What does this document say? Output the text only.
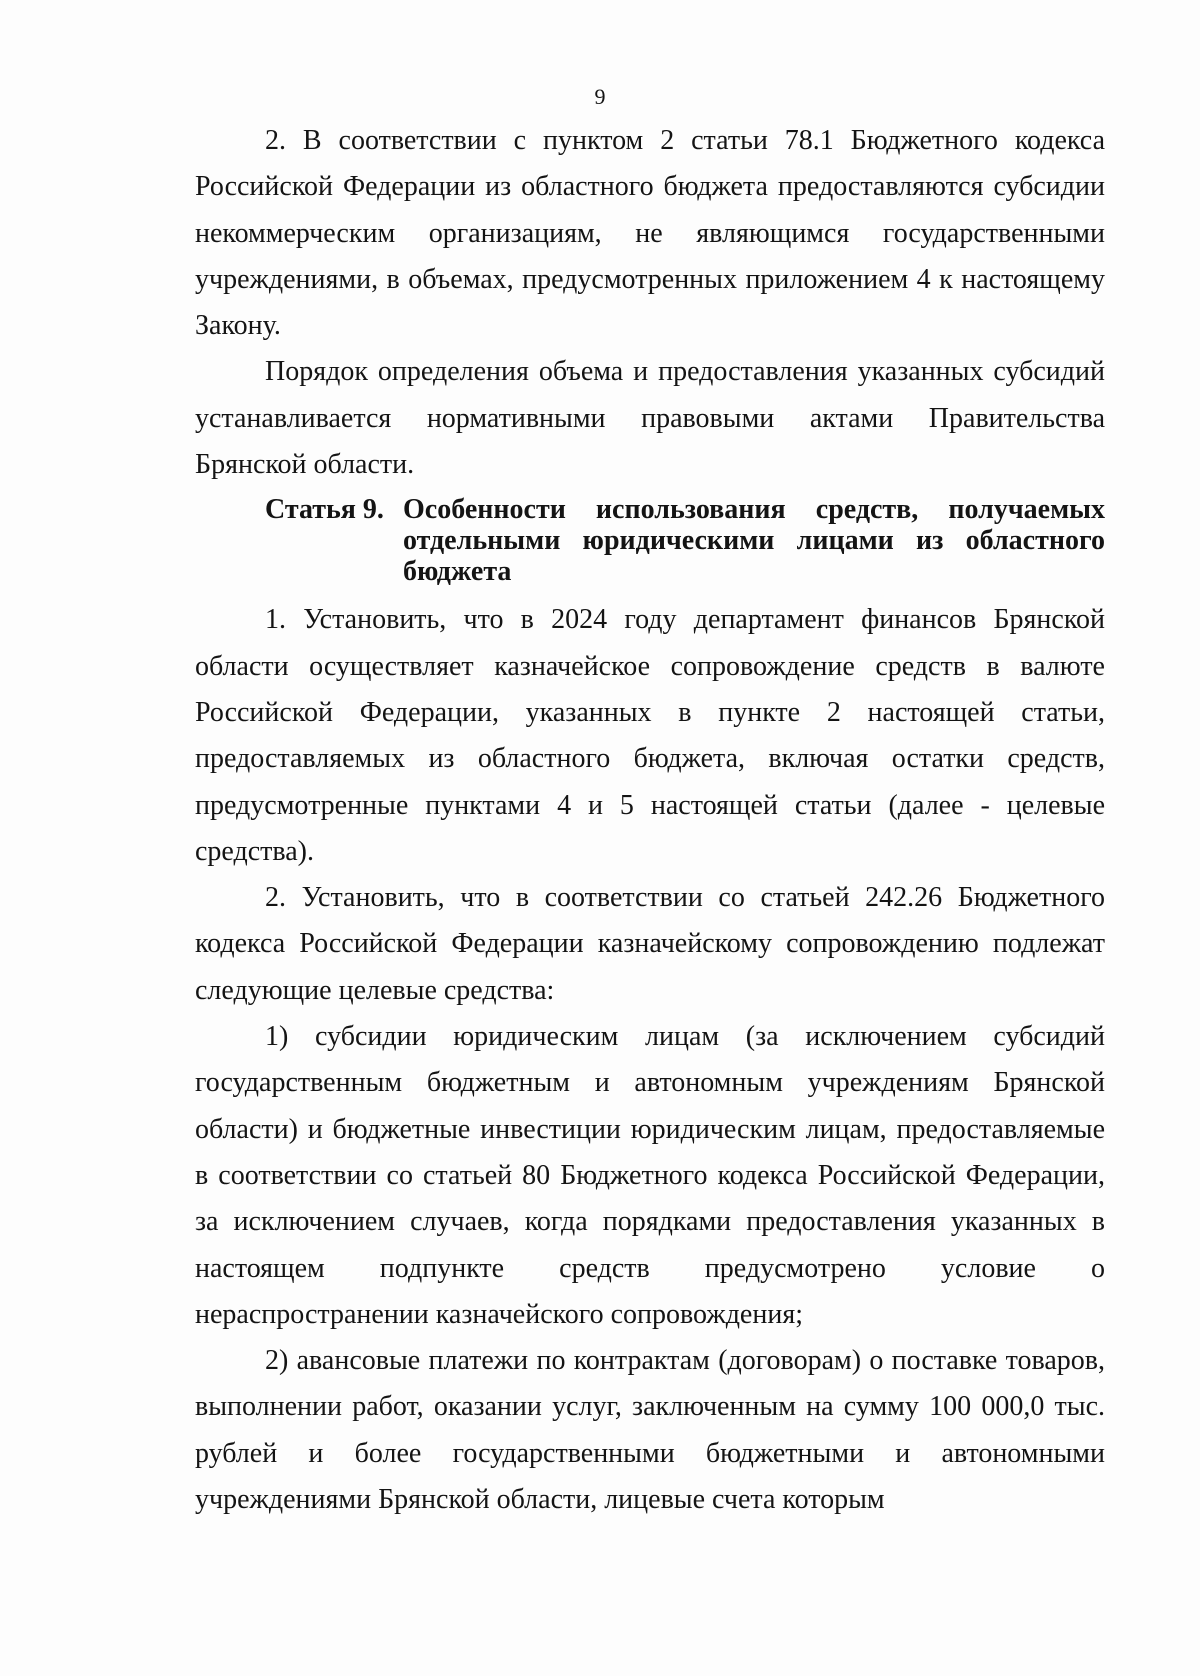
9

2. В соответствии с пунктом 2 статьи 78.1 Бюджетного кодекса Российской Федерации из областного бюджета предоставляются субсидии некоммерческим организациям, не являющимся государственными учреждениями, в объемах, предусмотренных приложением 4 к настоящему Закону.

Порядок определения объема и предоставления указанных субсидий устанавливается нормативными правовыми актами Правительства Брянской области.

Статья 9. Особенности использования средств, получаемых отдельными юридическими лицами из областного бюджета

1. Установить, что в 2024 году департамент финансов Брянской области осуществляет казначейское сопровождение средств в валюте Российской Федерации, указанных в пункте 2 настоящей статьи, предоставляемых из областного бюджета, включая остатки средств, предусмотренные пунктами 4 и 5 настоящей статьи (далее - целевые средства).

2. Установить, что в соответствии со статьей 242.26 Бюджетного кодекса Российской Федерации казначейскому сопровождению подлежат следующие целевые средства:

1) субсидии юридическим лицам (за исключением субсидий государственным бюджетным и автономным учреждениям Брянской области) и бюджетные инвестиции юридическим лицам, предоставляемые в соответствии со статьей 80 Бюджетного кодекса Российской Федерации, за исключением случаев, когда порядками предоставления указанных в настоящем подпункте средств предусмотрено условие о нераспространении казначейского сопровождения;

2) авансовые платежи по контрактам (договорам) о поставке товаров, выполнении работ, оказании услуг, заключенным на сумму 100 000,0 тыс. рублей и более государственными бюджетными и автономными учреждениями Брянской области, лицевые счета которым
